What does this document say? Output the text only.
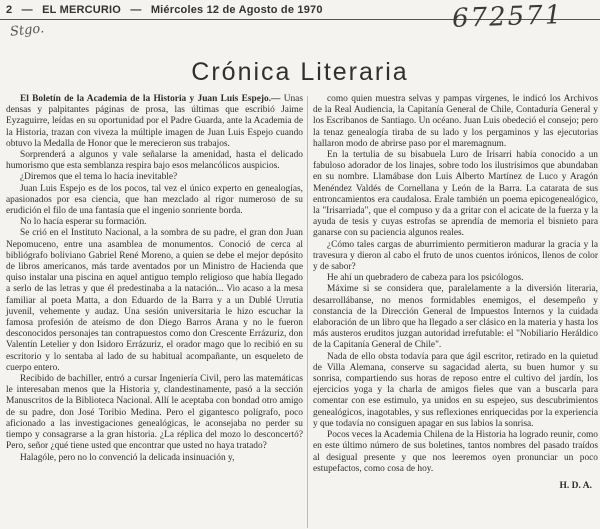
2 — EL MERCURIO — Miércoles 12 de Agosto de 1970	672571
Stgo.
Crónica Literaria

El Boletín de la Academia de la Historia y Juan Luis Espejo.— Unas densas y palpitantes páginas de prosa, las últimas que escribió Jaime Eyzaguirre, leídas en su oportunidad por el Padre Guarda, ante la Academia de la Historia, trazan con viveza la múltiple imagen de Juan Luis Espejo cuando obtuvo la Medalla de Honor que le merecieron sus trabajos.

Sorprenderá a algunos y vale señalarse la amenidad, hasta el delicado humorismo que esta semblanza respira bajo esos melancólicos auspicios.

¿Diremos que el tema lo hacía inevitable?

Juan Luis Espejo es de los pocos, tal vez el único experto en genealogías, apasionados por esa ciencia, que han mezclado al rigor numeroso de su erudición el filo de una fantasía que el ingenio sonriente borda.

No lo hacía esperar su formación.

Se crió en el Instituto Nacional, a la sombra de su padre, el gran don Juan Nepomuceno, entre una asamblea de monumentos. Conoció de cerca al bibliógrafo boliviano Gabriel René Moreno, a quien se debe el mejor depósito de libros americanos, más tarde aventados por un Ministro de Hacienda que quiso instalar una piscina en aquel antiguo templo religioso que había llegado a serlo de las letras y que él predestinaba a la natación... Vio acaso a la mesa familiar al poeta Matta, a don Eduardo de la Barra y a un Dublé Urrutia juvenil, vehemente y audaz. Una sesión universitaria le hizo escuchar la famosa profesión de ateísmo de don Diego Barros Arana y no le fueron desconocidos personajes tan contrapuestos como don Crescente Errázuriz, don Valentín Letelier y don Isidoro Errázuriz, el orador mago que lo recibió en su escritorio y lo sentaba al lado de su habitual acompañante, un esqueleto de cuerpo entero.

Recibido de bachiller, entró a cursar Ingeniería Civil, pero las matemáticas le interesaban menos que la Historia y, clandestinamente, pasó a la sección Manuscritos de la Biblioteca Nacional. Allí le aceptaba con bondad otro amigo de su padre, don José Toribio Medina. Pero el gigantesco polígrafo, poco aficionado a las investigaciones genealógicas, le aconsejaba no perder su tiempo y consagrarse a la gran historia. ¿La réplica del mozo lo desconcertó? Pero, señor ¿qué tiene usted que encontrar que usted no haya tratado?

Halagóle, pero no lo convenció la delicada insinuación y,

como quien muestra selvas y pampas vírgenes, le indicó los Archivos de la Real Audiencia, la Capitanía General de Chile, Contaduría General y los Escribanos de Santiago. Un océano. Juan Luis obedeció el consejo; pero la tenaz genealogía tiraba de su lado y los pergaminos y las ejecutorias hallaron modo de abrirse paso por el maremagnum.

En la tertulia de su bisabuela Luro de Irisarri había conocido a un fabuloso adorador de los linajes, sobre todo los ilustrísimos que abundaban en su nombre. Llamábase don Luis Alberto Martínez de Luco y Aragón Menéndez Valdés de Cornellana y León de la Barra. La catarata de sus entroncamientos era caudalosa. Erale también un poema epicogenealógico, la "Irisarriada", que el compuso y da a gritar con el acicate de la fuerza y la ayuda de tesis y cuyas estrofas se aprendía de memoria el bisnieto para ganarse con su paciencia algunos reales.

¿Cómo tales cargas de aburrimiento permitieron madurar la gracia y la travesura y dieron al cabo el fruto de unos cuentos irónicos, llenos de color y de sabor?

He ahí un quebradero de cabeza para los psicólogos.

Máxime si se considera que, paralelamente a la diversión literaria, desarrollábanse, no menos formidables enemigos, el desempeño y constancia de la Dirección General de Impuestos Internos y la cuidada elaboración de un libro que ha llegado a ser clásico en la materia y hasta los más austeros eruditos juzgan autoridad irrefutable: el "Nobiliario Heráldico de la Capitanía General de Chile".

Nada de ello obsta todavía para que ágil escritor, retirado en la quietud de Villa Alemana, conserve su sagacidad alerta, su buen humor y su sonrisa, compartiendo sus horas de reposo entre el cultivo del jardín, los ejercicios yoga y la charla de amigos fieles que van a buscarla para comentar con ese estimulo, ya unidos en su espejeo, sus descubrimientos genealógicos, inagotables, y sus reflexiones enriquecidas por la experiencia y que todavía no consiguen apagar en sus labios la sonrisa.

Pocos veces la Academia Chilena de la Historia ha logrado reunir, como en este último número de sus boletines, tantos nombres del pasado traídos al desigual presente y que nos leeremos oyen pronunciar un poco estupefactos, como cosa de hoy.

H. D. A.
